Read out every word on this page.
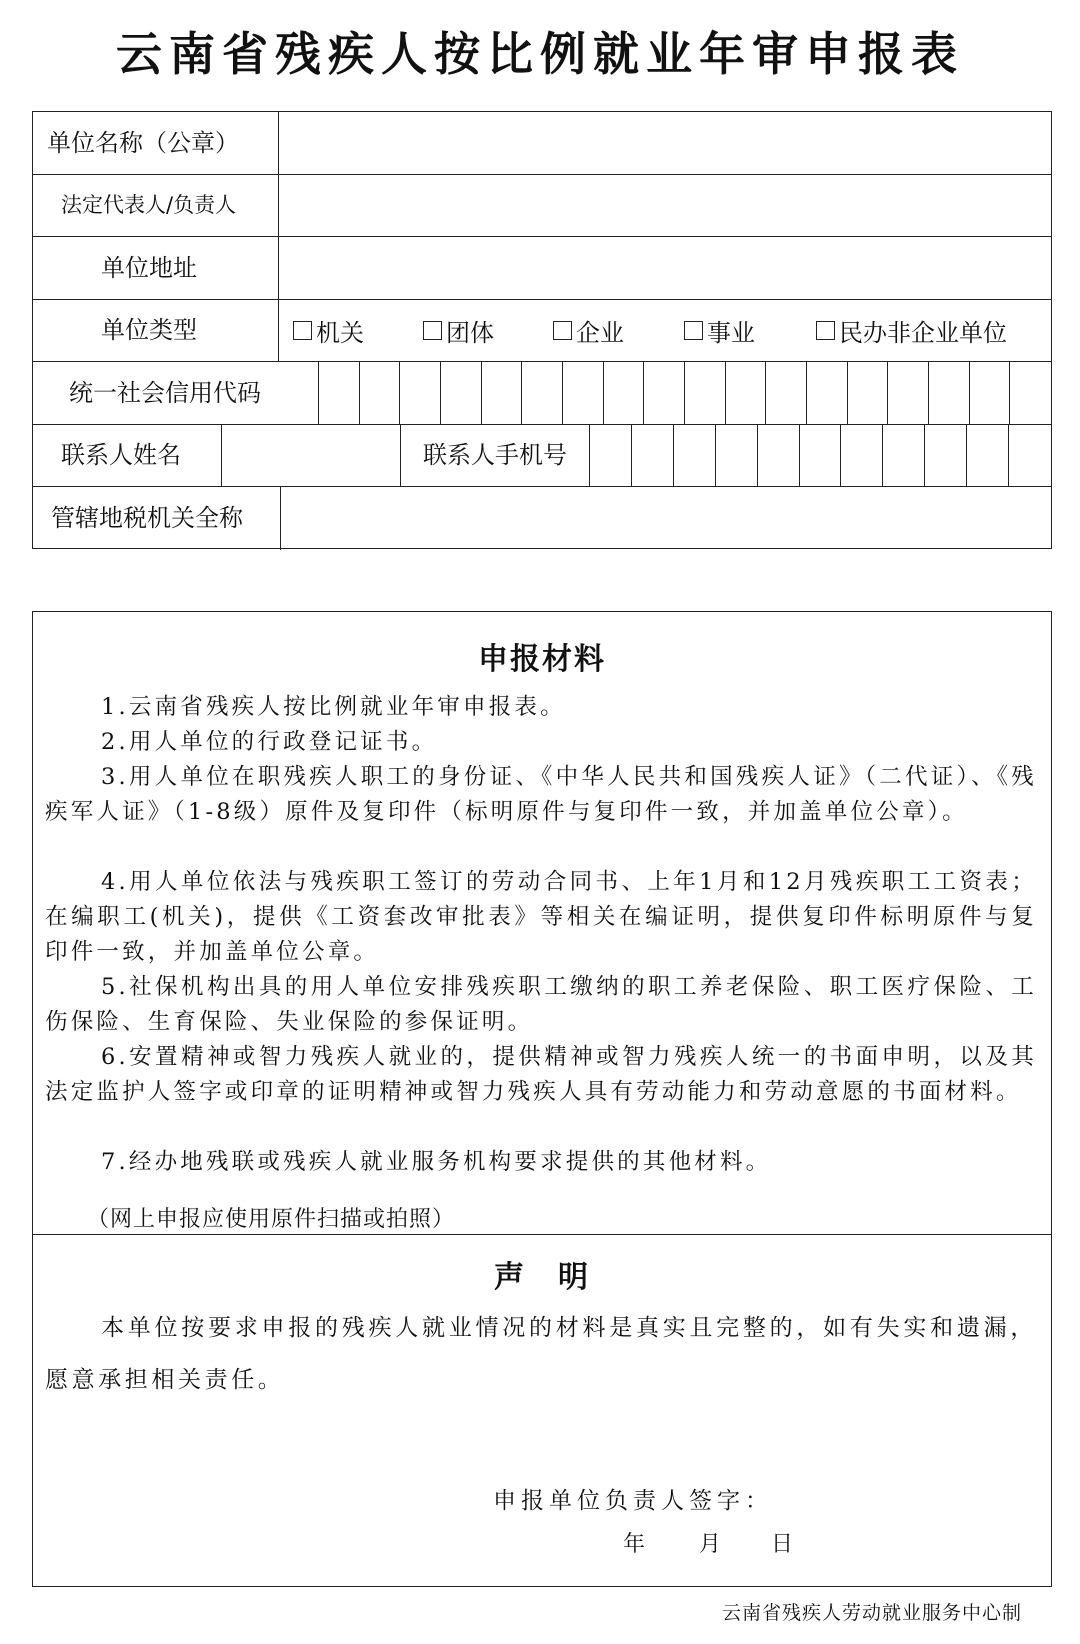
云南省残疾人按比例就业年审申报表
单位名称（公章）
法定代表人/负责人
单位地址
单位类型	机关	团体	企业	事业	民办非企业单位
统一社会信用代码
联系人姓名	联系人手机号
管辖地税机关全称
申报材料

1.云南省残疾人按比例就业年审申报表。

2.用人单位的行政登记证书。

3.用人单位在职残疾人职工的身份证、《中华人民共和国残疾人证》（二代证）、《残疾军人证》（1-8级）原件及复印件（标明原件与复印件一致，并加盖单位公章）。

4.用人单位依法与残疾职工签订的劳动合同书、上年1月和12月残疾职工工资表；在编职工(机关)，提供《工资套改审批表》等相关在编证明，提供复印件标明原件与复印件一致，并加盖单位公章。

5.社保机构出具的用人单位安排残疾职工缴纳的职工养老保险、职工医疗保险、工伤保险、生育保险、失业保险的参保证明。

6.安置精神或智力残疾人就业的，提供精神或智力残疾人统一的书面申明，以及其法定监护人签字或印章的证明精神或智力残疾人具有劳动能力和劳动意愿的书面材料。

7.经办地残联或残疾人就业服务机构要求提供的其他材料。

（网上申报应使用原件扫描或拍照）
声　明

本单位按要求申报的残疾人就业情况的材料是真实且完整的，如有失实和遗漏，愿意承担相关责任。

申报单位负责人签字：
年 月 日
云南省残疾人劳动就业服务中心制
